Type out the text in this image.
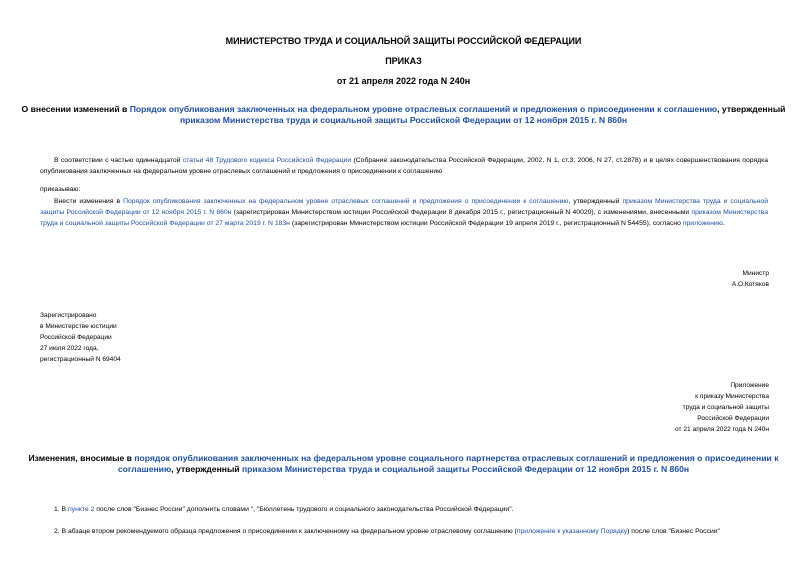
МИНИСТЕРСТВО ТРУДА И СОЦИАЛЬНОЙ ЗАЩИТЫ РОССИЙСКОЙ ФЕДЕРАЦИИ
ПРИКАЗ
от 21 апреля 2022 года N 240н
О внесении изменений в Порядок опубликования заключенных на федеральном уровне отраслевых соглашений и предложения о присоединении к соглашению, утвержденный приказом Министерства труда и социальной защиты Российской Федерации от 12 ноября 2015 г. N 860н
В соответствии с частью одиннадцатой статьи 48 Трудового кодекса Российской Федерации (Собрание законодательства Российской Федерации, 2002, N 1, ст.3; 2006, N 27, ст.2878) и в целях совершенствования порядка опубликования заключенных на федеральном уровне отраслевых соглашений и предложения о присоединении к соглашению
приказываю:
Внести изменения в Порядок опубликования заключенных на федеральном уровне отраслевых соглашений и предложения о присоединении к соглашению, утвержденный приказом Министерства труда и социальной защиты Российской Федерации от 12 ноября 2015 г. N 860н (зарегистрирован Министерством юстиции Российской Федерации 8 декабря 2015 г., регистрационный N 40020), с изменениями, внесенными приказом Министерства труда и социальной защиты Российской Федерации от 27 марта 2019 г. N 183н (зарегистрирован Министерством юстиции Российской Федерации 19 апреля 2019 г., регистрационный N 54455), согласно приложению.
Министр
А.О.Котяков
Зарегистрировано
в Министерстве юстиции
Российской Федерации
27 июля 2022 года,
регистрационный N 69404
Приложение
к приказу Министерства
труда и социальной защиты
Российской Федерации
от 21 апреля 2022 года N 240н
Изменения, вносимые в порядок опубликования заключенных на федеральном уровне социального партнерства отраслевых соглашений и предложения о присоединении к соглашению, утвержденный приказом Министерства труда и социальной защиты Российской Федерации от 12 ноября 2015 г. N 860н
1. В пункте 2 после слов "Бизнес России" дополнить словами ", "Бюллетень трудового и социального законодательства Российской Федерации".
2. В абзаце втором рекомендуемого образца предложения о присоединении к заключенному на федеральном уровне отраслевому соглашению (приложение к указанному Порядку) после слов "Бизнес России"
